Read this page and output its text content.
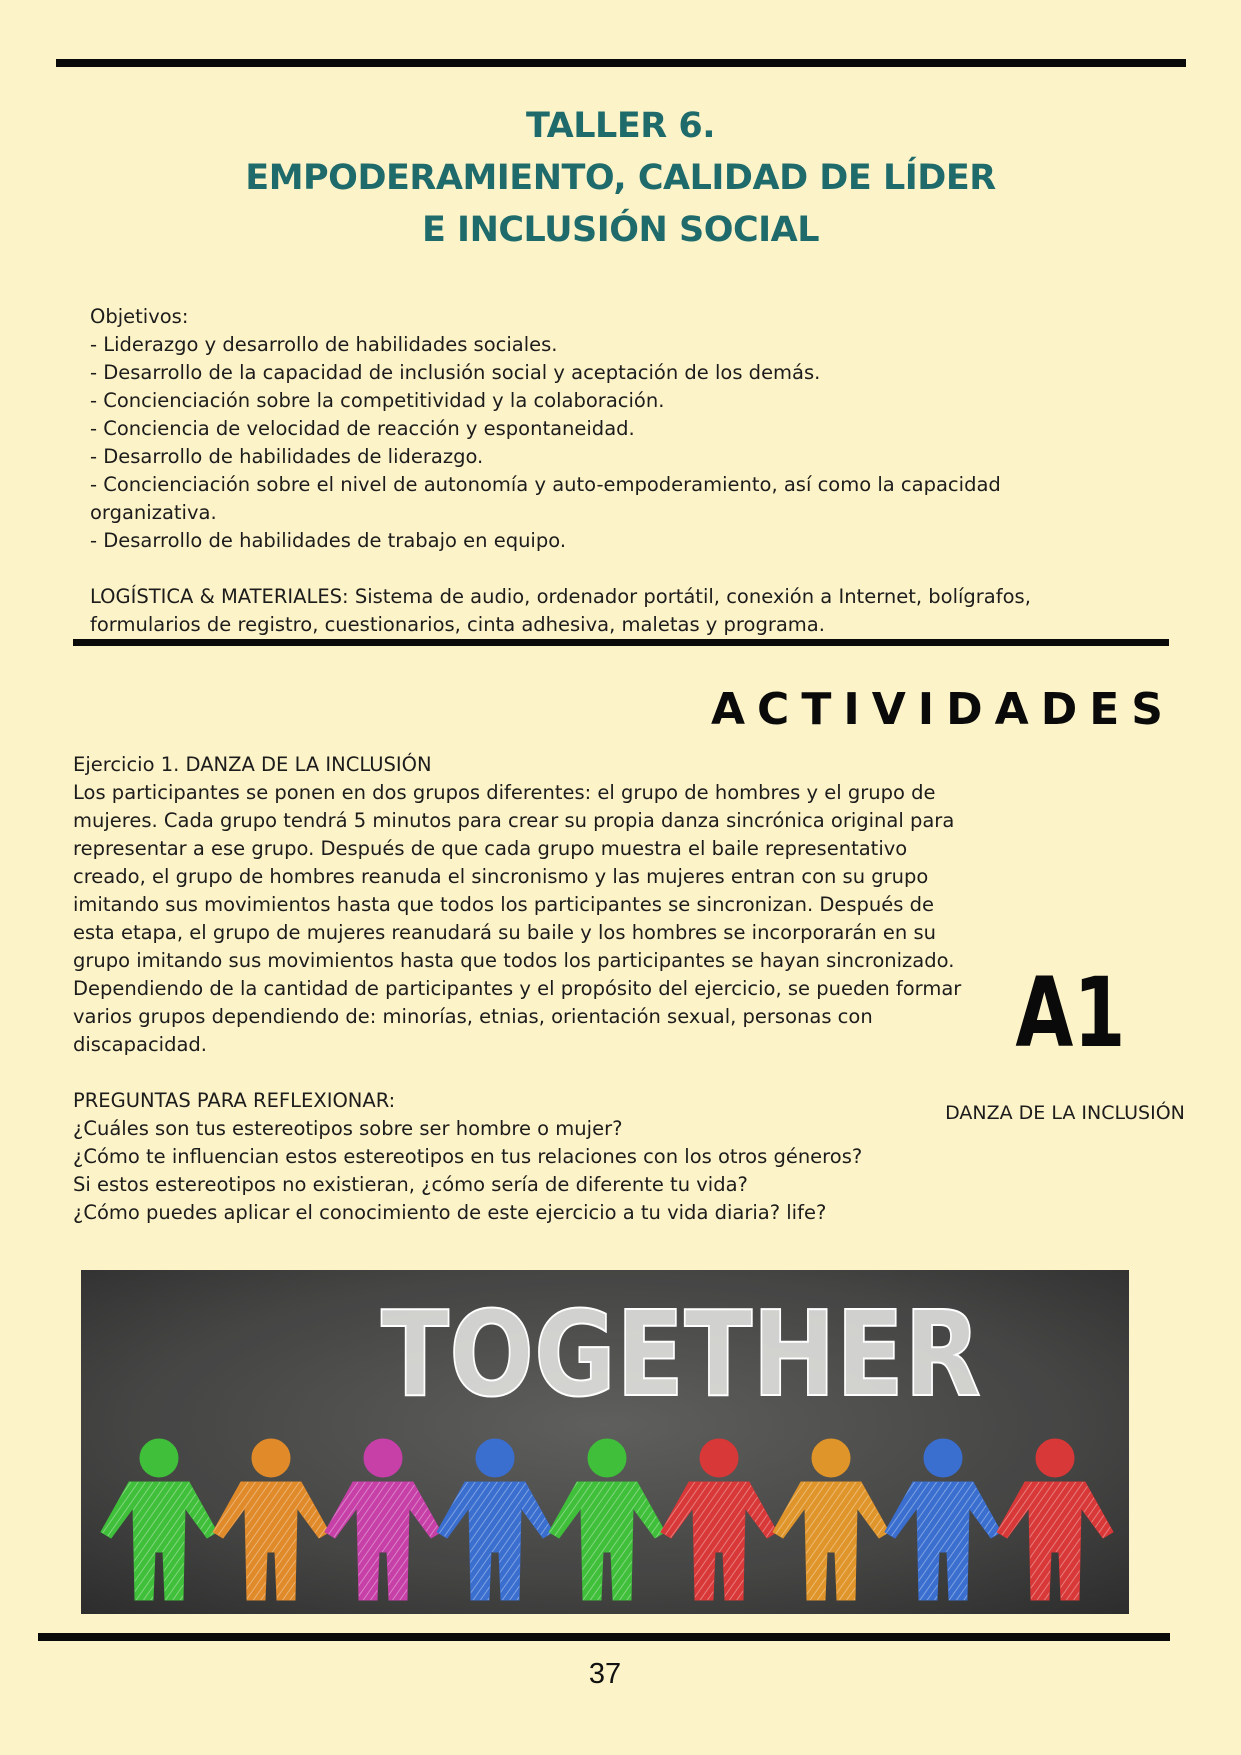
TALLER 6.
EMPODERAMIENTO, CALIDAD DE LÍDER
E INCLUSIÓN SOCIAL

Objetivos:

- Liderazgo y desarrollo de habilidades sociales.

- Desarrollo de la capacidad de inclusión social y aceptación de los demás.

- Concienciación sobre la competitividad y la colaboración.

- Conciencia de velocidad de reacción y espontaneidad.

- Desarrollo de habilidades de liderazgo.

- Concienciación sobre el nivel de autonomía y auto-empoderamiento, así como la capacidad

organizativa.

- Desarrollo de habilidades de trabajo en equipo.

LOGÍSTICA & MATERIALES: Sistema de audio, ordenador portátil, conexión a Internet, bolígrafos,

formularios de registro, cuestionarios, cinta adhesiva, maletas y programa.

ACTIVIDADES

Ejercicio 1. DANZA DE LA INCLUSIÓN

Los participantes se ponen en dos grupos diferentes: el grupo de hombres y el grupo de

mujeres. Cada grupo tendrá 5 minutos para crear su propia danza sincrónica original para

representar a ese grupo. Después de que cada grupo muestra el baile representativo

creado, el grupo de hombres reanuda el sincronismo y las mujeres entran con su grupo

imitando sus movimientos hasta que todos los participantes se sincronizan. Después de

esta etapa, el grupo de mujeres reanudará su baile y los hombres se incorporarán en su

grupo imitando sus movimientos hasta que todos los participantes se hayan sincronizado.

Dependiendo de la cantidad de participantes y el propósito del ejercicio, se pueden formar

varios grupos dependiendo de: minorías, etnias, orientación sexual, personas con

discapacidad.

PREGUNTAS PARA REFLEXIONAR:

¿Cuáles son tus estereotipos sobre ser hombre o mujer?

¿Cómo te influencian estos estereotipos en tus relaciones con los otros géneros?

Si estos estereotipos no existieran, ¿cómo sería de diferente tu vida?

¿Cómo puedes aplicar el conocimiento de este ejercicio a tu vida diaria? life?

A1
DANZA DE LA INCLUSIÓN
TOGETHER
37
